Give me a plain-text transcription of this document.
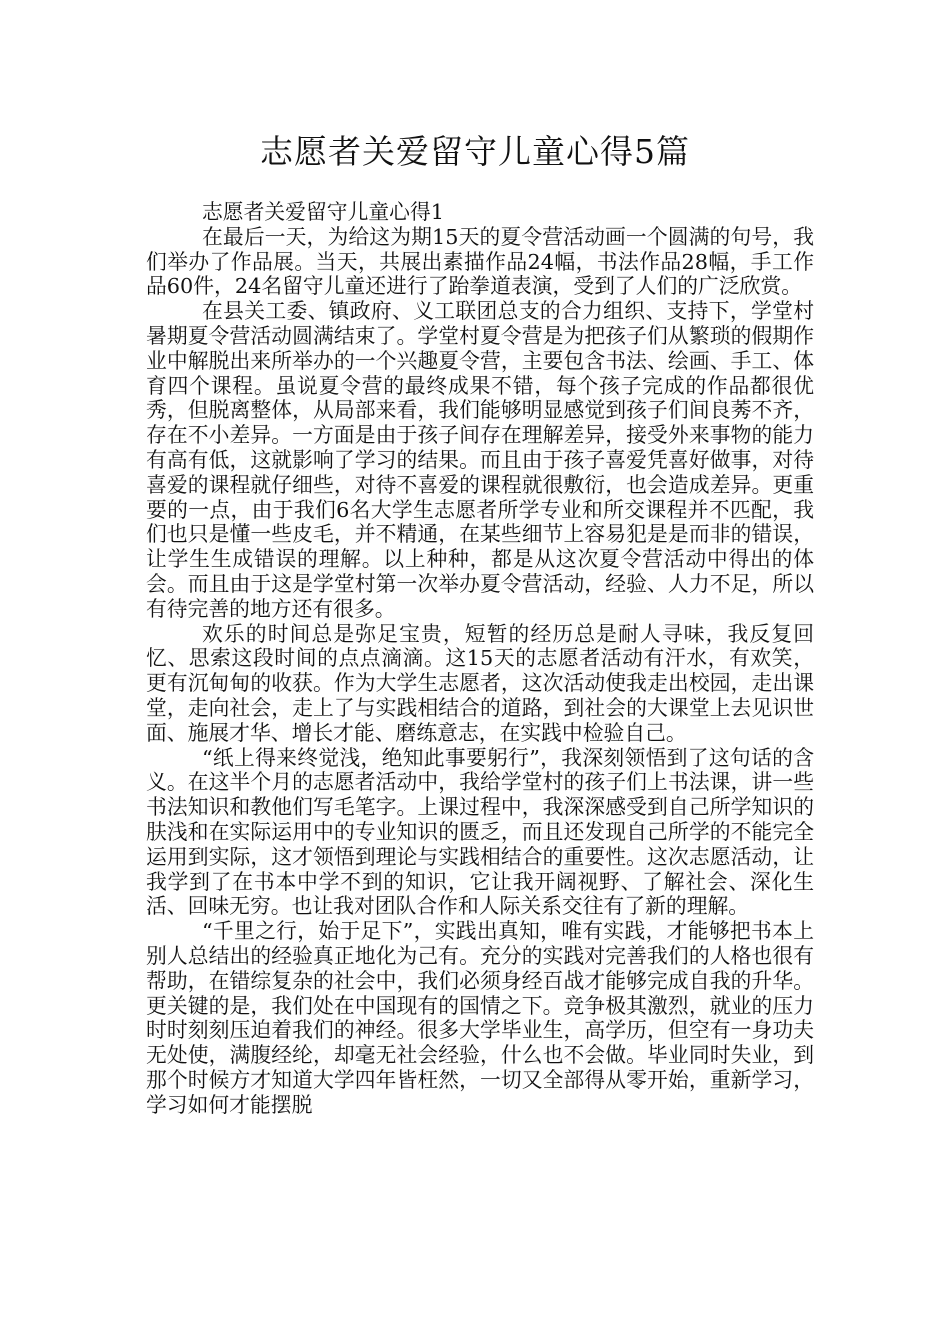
志愿者关爱留守儿童心得5篇

志愿者关爱留守儿童心得1

在最后一天，为给这为期15天的夏令营活动画一个圆满的句号，我们举办了作品展。当天，共展出素描作品24幅，书法作品28幅，手工作品60件，24名留守儿童还进行了跆拳道表演，受到了人们的广泛欣赏。

在县关工委、镇政府、义工联团总支的合力组织、支持下，学堂村暑期夏令营活动圆满结束了。学堂村夏令营是为把孩子们从繁琐的假期作业中解脱出来所举办的一个兴趣夏令营，主要包含书法、绘画、手工、体育四个课程。虽说夏令营的最终成果不错，每个孩子完成的作品都很优秀，但脱离整体，从局部来看，我们能够明显感觉到孩子们间良莠不齐，存在不小差异。一方面是由于孩子间存在理解差异，接受外来事物的能力有高有低，这就影响了学习的结果。而且由于孩子喜爱凭喜好做事，对待喜爱的课程就仔细些，对待不喜爱的课程就很敷衍，也会造成差异。更重要的一点，由于我们6名大学生志愿者所学专业和所交课程并不匹配，我们也只是懂一些皮毛，并不精通，在某些细节上容易犯是是而非的错误，让学生生成错误的理解。以上种种，都是从这次夏令营活动中得出的体会。而且由于这是学堂村第一次举办夏令营活动，经验、人力不足，所以有待完善的地方还有很多。

欢乐的时间总是弥足宝贵，短暂的经历总是耐人寻味，我反复回忆、思索这段时间的点点滴滴。这15天的志愿者活动有汗水，有欢笑，更有沉甸甸的收获。作为大学生志愿者，这次活动使我走出校园，走出课堂，走向社会，走上了与实践相结合的道路，到社会的大课堂上去见识世面、施展才华、增长才能、磨练意志，在实践中检验自己。

“纸上得来终觉浅，绝知此事要躬行”，我深刻领悟到了这句话的含义。在这半个月的志愿者活动中，我给学堂村的孩子们上书法课，讲一些书法知识和教他们写毛笔字。上课过程中，我深深感受到自己所学知识的肤浅和在实际运用中的专业知识的匮乏，而且还发现自己所学的不能完全运用到实际，这才领悟到理论与实践相结合的重要性。这次志愿活动，让我学到了在书本中学不到的知识，它让我开阔视野、了解社会、深化生活、回味无穷。也让我对团队合作和人际关系交往有了新的理解。

“千里之行，始于足下”，实践出真知，唯有实践，才能够把书本上别人总结出的经验真正地化为己有。充分的实践对完善我们的人格也很有帮助，在错综复杂的社会中，我们必须身经百战才能够完成自我的升华。更关键的是，我们处在中国现有的国情之下。竞争极其激烈，就业的压力时时刻刻压迫着我们的神经。很多大学毕业生，高学历，但空有一身功夫无处使，满腹经纶，却毫无社会经验，什么也不会做。毕业同时失业，到那个时候方才知道大学四年皆枉然，一切又全部得从零开始，重新学习，学习如何才能摆脱
